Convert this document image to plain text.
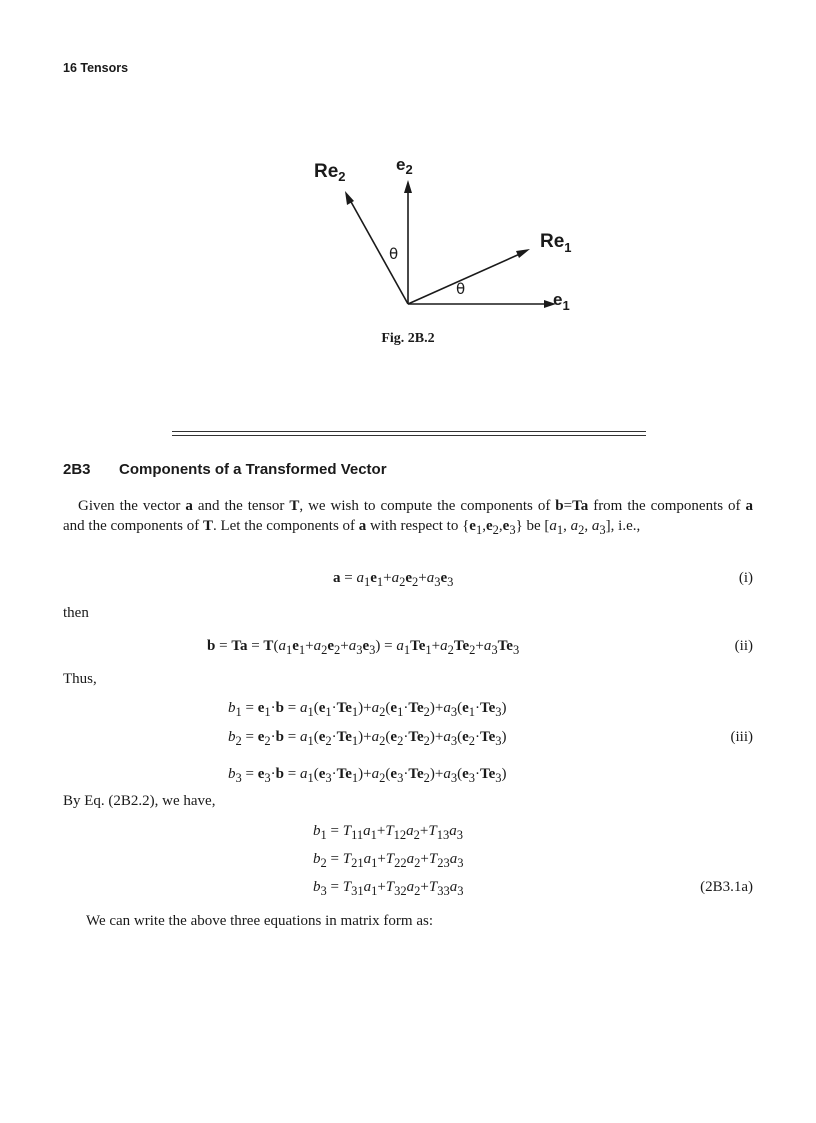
16 Tensors
$Re_2$
$e_2$
$Re_1$
$e_1$
θ
θ
Fig. 2B.2
2B3 Components of a Transformed Vector

 Given the vector a and the tensor T, we wish to compute the components of b=Ta from the components of a and the components of T. Let the components of a with respect to $\{e_1,e_2,e_3\}$ be [$a_1$, $a_2$, $a_3$], i.e.,

$a = a_1e_1+a_2e_2+a_3e_3$	(i)
then
$b = Ta = T(a_1e_1+a_2e_2+a_3e_3) = a_1Te_1+a_2Te_2+a_3Te_3$	(ii)
Thus,
$b_1 = e_1\cdot b = a_1(e_1\cdot Te_1)+a_2(e_1\cdot Te_2)+a_3(e_1\cdot Te_3)$
$b_2 = e_2\cdot b = a_1(e_2\cdot Te_1)+a_2(e_2\cdot Te_2)+a_3(e_2\cdot Te_3)$	(iii)
$b_3 = e_3\cdot b = a_1(e_3\cdot Te_1)+a_2(e_3\cdot Te_2)+a_3(e_3\cdot Te_3)$
By Eq. (2B2.2), we have,
$b_1 = T_{11}a_1+T_{12}a_2+T_{13}a_3$
$b_2 = T_{21}a_1+T_{22}a_2+T_{23}a_3$
$b_3 = T_{31}a_1+T_{32}a_2+T_{33}a_3$	(2B3.1a)
We can write the above three equations in matrix form as:
